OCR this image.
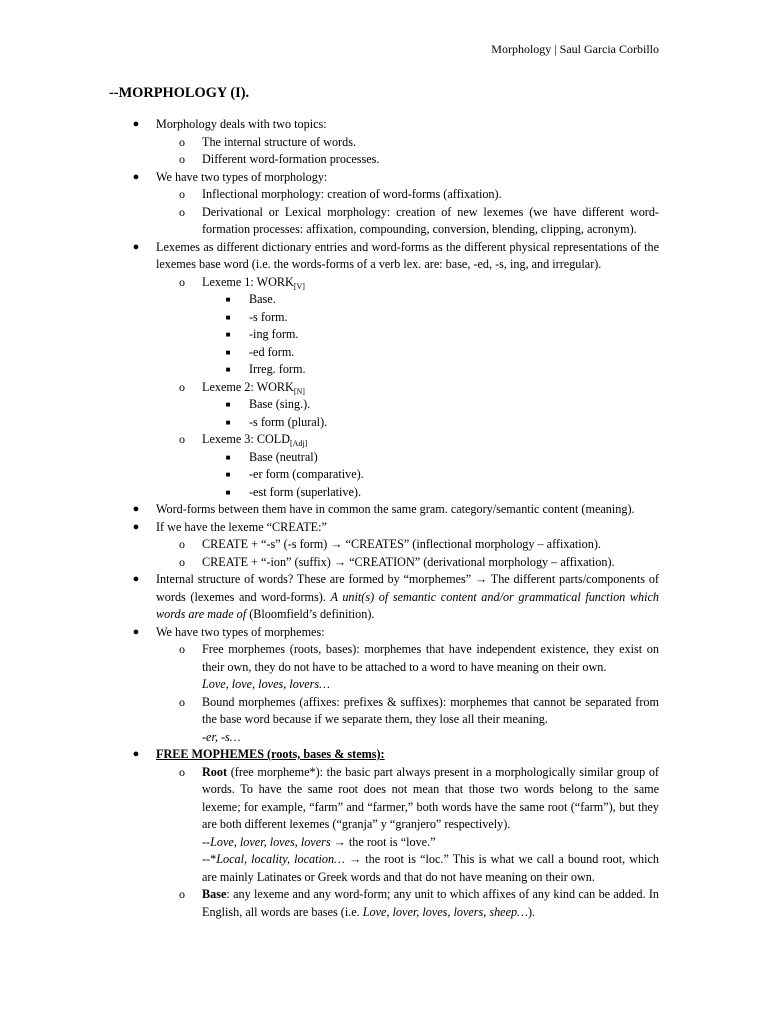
Morphology | Saul Garcia Corbillo
--MORPHOLOGY (I).
● Morphology deals with two topics:
o The internal structure of words.
o Different word-formation processes.
● We have two types of morphology:
o Inflectional morphology: creation of word-forms (affixation).
o Derivational or Lexical morphology: creation of new lexemes (we have different word-formation processes: affixation, compounding, conversion, blending, clipping, acronym).
● Lexemes as different dictionary entries and word-forms as the different physical representations of the lexemes base word (i.e. the words-forms of a verb lex. are: base, -ed, -s, ing, and irregular).
o Lexeme 1: $WORK_{[V]}$
■ Base.
■ -s form.
■ -ing form.
■ -ed form.
■ Irreg. form.
o Lexeme 2: $WORK_{[N]}$
■ Base (sing.).
■ -s form (plural).
o Lexeme 3: $COLD_{[Adj]}$
■ Base (neutral)
■ -er form (comparative).
■ -est form (superlative).
● Word-forms between them have in common the same gram. category/semantic content (meaning).
● If we have the lexeme “CREATE:”
o CREATE + “-s” (-s form) → “CREATES” (inflectional morphology – affixation).
o CREATE + “-ion” (suffix) → “CREATION” (derivational morphology – affixation).
● Internal structure of words? These are formed by “morphemes” → The different parts/components of words (lexemes and word-forms). A unit(s) of semantic content and/or grammatical function which words are made of (Bloomfield’s definition).
● We have two types of morphemes:
o Free morphemes (roots, bases): morphemes that have independent existence, they exist on their own, they do not have to be attached to a word to have meaning on their own.
Love, love, loves, lovers…
o Bound morphemes (affixes: prefixes & suffixes): morphemes that cannot be separated from the base word because if we separate them, they lose all their meaning.
-er, -s…
● FREE MOPHEMES (roots, bases & stems):
o Root (free morpheme*): the basic part always present in a morphologically similar group of words. To have the same root does not mean that those two words belong to the same lexeme; for example, “farm” and “farmer,” both words have the same root (“farm”), but they are both different lexemes (“granja” y “granjero” respectively).
--Love, lover, loves, lovers → the root is “love.”
--*Local, locality, location… → the root is “loc.” This is what we call a bound root, which are mainly Latinates or Greek words and that do not have meaning on their own.
o Base: any lexeme and any word-form; any unit to which affixes of any kind can be added. In English, all words are bases (i.e. Love, lover, loves, lovers, sheep…).
